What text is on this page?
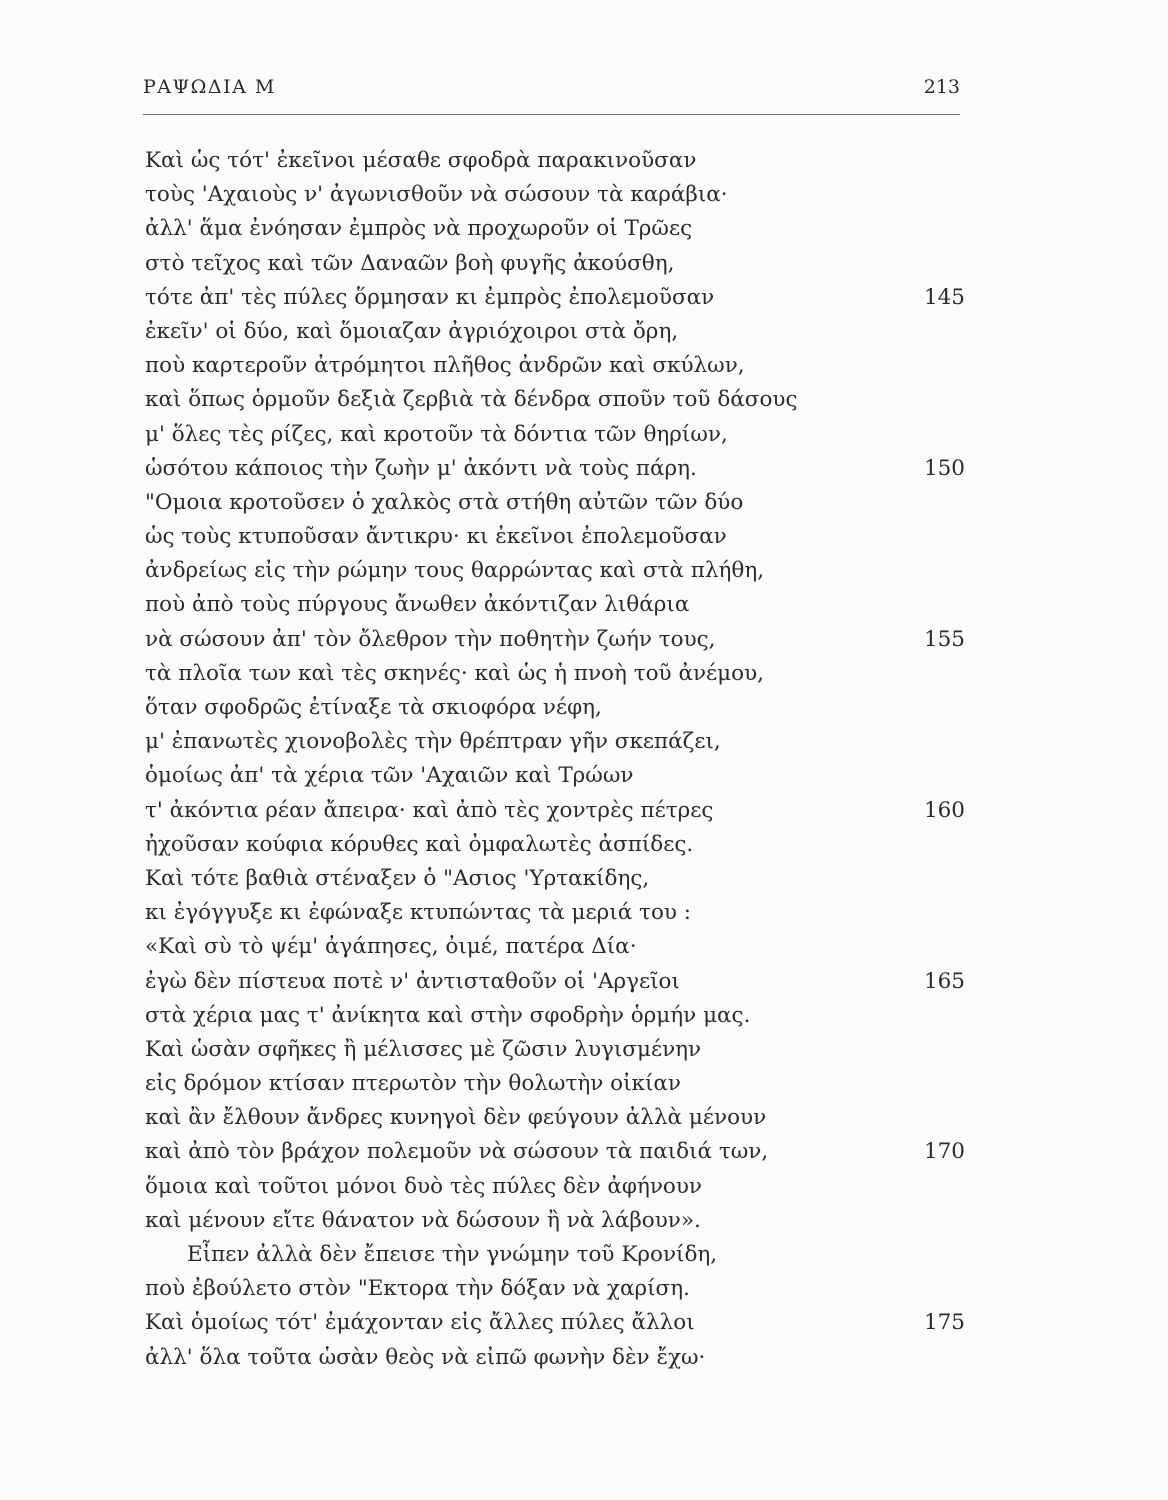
ΡΑΨΩΔΙΑ Μ	213
Καὶ ὡς τότ' ἐκεῖνοι μέσαθε σφοδρὰ παρακινοῦσαν
τοὺς 'Αχαιοὺς ν' ἀγωνισθοῦν νὰ σώσουν τὰ καράβια·
ἀλλ' ἅμα ἐνόησαν ἐμπρὸς νὰ προχωροῦν οἱ Τρῶες
στὸ τεῖχος καὶ τῶν Δαναῶν βοὴ φυγῆς ἀκούσθη,
τότε ἀπ' τὲς πύλες ὅρμησαν κι ἐμπρὸς ἐπολεμοῦσαν	145
ἐκεῖν' οἱ δύο, καὶ ὅμοιαζαν ἀγριόχοιροι στὰ ὄρη,
ποὺ καρτεροῦν ἀτρόμητοι πλῆθος ἀνδρῶν καὶ σκύλων,
καὶ ὅπως ὁρμοῦν δεξιὰ ζερβιὰ τὰ δένδρα σποῦν τοῦ δάσους
μ' ὅλες τὲς ρίζες, καὶ κροτοῦν τὰ δόντια τῶν θηρίων,
ὡσότου κάποιος τὴν ζωὴν μ' ἀκόντι νὰ τοὺς πάρη.	150
"Ομοια κροτοῦσεν ὁ χαλκὸς στὰ στήθη αὐτῶν τῶν δύο
ὡς τοὺς κτυποῦσαν ἄντικρυ· κι ἐκεῖνοι ἐπολεμοῦσαν
ἀνδρείως εἰς τὴν ρώμην τους θαρρώντας καὶ στὰ πλήθη,
ποὺ ἀπὸ τοὺς πύργους ἄνωθεν ἀκόντιζαν λιθάρια
νὰ σώσουν ἀπ' τὸν ὄλεθρον τὴν ποθητὴν ζωήν τους,	155
τὰ πλοῖα των καὶ τὲς σκηνές· καὶ ὡς ἡ πνοὴ τοῦ ἀνέμου,
ὅταν σφοδρῶς ἐτίναξε τὰ σκιοφόρα νέφη,
μ' ἐπανωτὲς χιονοβολὲς τὴν θρέπτραν γῆν σκεπάζει,
ὁμοίως ἀπ' τὰ χέρια τῶν 'Αχαιῶν καὶ Τρώων
τ' ἀκόντια ρέαν ἄπειρα· καὶ ἀπὸ τὲς χοντρὲς πέτρες	160
ἠχοῦσαν κούφια κόρυθες καὶ ὀμφαλωτὲς ἀσπίδες.
Καὶ τότε βαθιὰ στέναξεν ὁ "Ασιος 'Υρτακίδης,
κι ἐγόγγυξε κι ἐφώναξε κτυπώντας τὰ μεριά του :
«Καὶ σὺ τὸ ψέμ' ἀγάπησες, ὀιμέ, πατέρα Δία·
ἐγὼ δὲν πίστευα ποτὲ ν' ἀντισταθοῦν οἱ 'Αργεῖοι	165
στὰ χέρια μας τ' ἀνίκητα καὶ στὴν σφοδρὴν ὁρμήν μας.
Καὶ ὡσὰν σφῆκες ἢ μέλισσες μὲ ζῶσιν λυγισμένην
εἰς δρόμον κτίσαν πτερωτὸν τὴν θολωτὴν οἰκίαν
καὶ ἂν ἔλθουν ἄνδρες κυνηγοὶ δὲν φεύγουν ἀλλὰ μένουν
καὶ ἀπὸ τὸν βράχον πολεμοῦν νὰ σώσουν τὰ παιδιά των,	170
ὅμοια καὶ τοῦτοι μόνοι δυὸ τὲς πύλες δὲν ἀφήνουν
καὶ μένουν εἴτε θάνατον νὰ δώσουν ἢ νὰ λάβουν».
Εἶπεν ἀλλὰ δὲν ἔπεισε τὴν γνώμην τοῦ Κρονίδη,
ποὺ ἐβούλετο στὸν "Εκτορα τὴν δόξαν νὰ χαρίση.
Καὶ ὁμοίως τότ' ἐμάχονταν εἰς ἄλλες πύλες ἄλλοι	175
ἀλλ' ὅλα τοῦτα ὡσὰν θεὸς νὰ εἰπῶ φωνὴν δὲν ἔχω·
